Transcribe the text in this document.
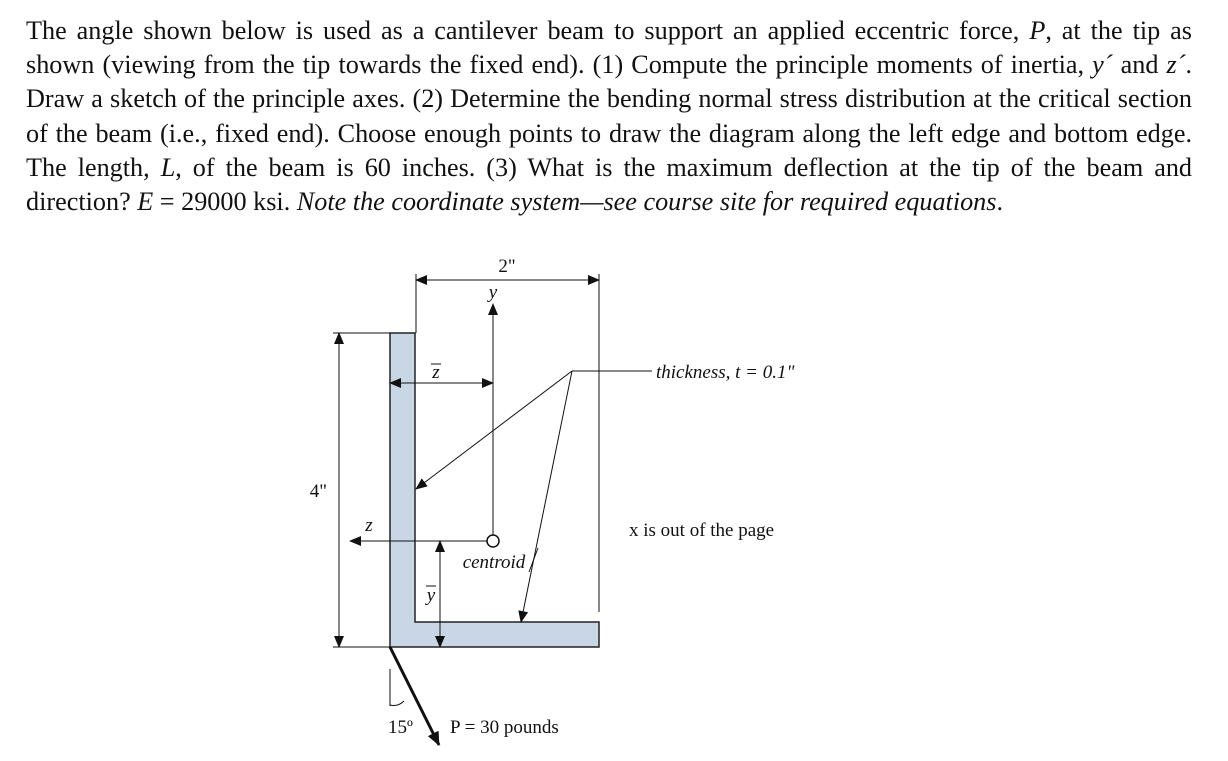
The angle shown below is used as a cantilever beam to support an applied eccentric force, P, at the tip as shown (viewing from the tip towards the fixed end). (1) Compute the principle moments of inertia, y´ and z´. Draw a sketch of the principle axes. (2) Determine the bending normal stress distribution at the critical section of the beam (i.e., fixed end). Choose enough points to draw the diagram along the left edge and bottom edge. The length, L, of the beam is 60 inches. (3) What is the maximum deflection at the tip of the beam and direction? E = 29000 ksi. Note the coordinate system—see course site for required equations.

2"
4"
y
z
centroid
z
y
thickness, t = 0.1"
x is out of the page
15º P = 30 pounds
